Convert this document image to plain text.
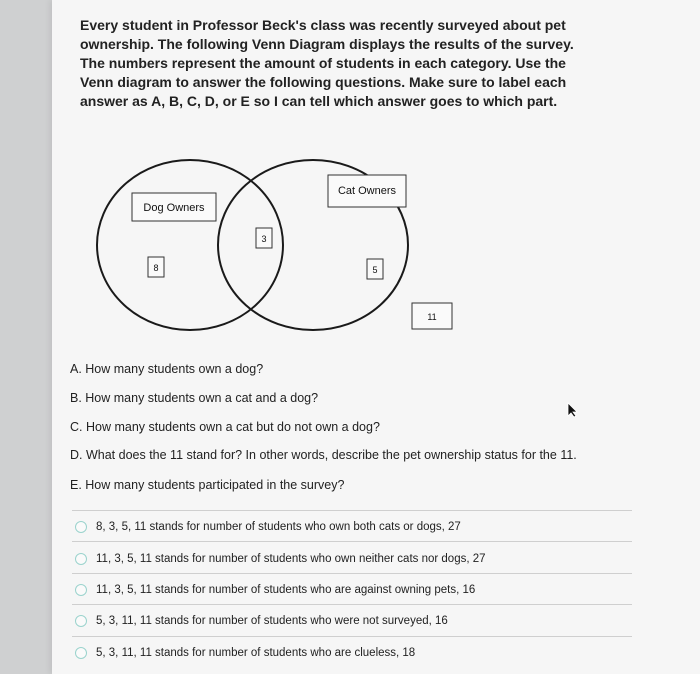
Every student in Professor Beck's class was recently surveyed about pet ownership. The following Venn Diagram displays the results of the survey. The numbers represent the amount of students in each category. Use the Venn diagram to answer the following questions. Make sure to label each answer as A, B, C, D, or E so I can tell which answer goes to which part.

Dog Owners
Cat Owners
8
3
5
11
A. How many students own a dog?
B. How many students own a cat and a dog?
C. How many students own a cat but do not own a dog?
D. What does the 11 stand for? In other words, describe the pet ownership status for the 11.
E. How many students participated in the survey?
8, 3, 5, 11 stands for number of students who own both cats or dogs, 27
11, 3, 5, 11 stands for number of students who own neither cats nor dogs, 27
11, 3, 5, 11 stands for number of students who are against owning pets, 16
5, 3, 11, 11 stands for number of students who were not surveyed, 16
5, 3, 11, 11 stands for number of students who are clueless, 18
